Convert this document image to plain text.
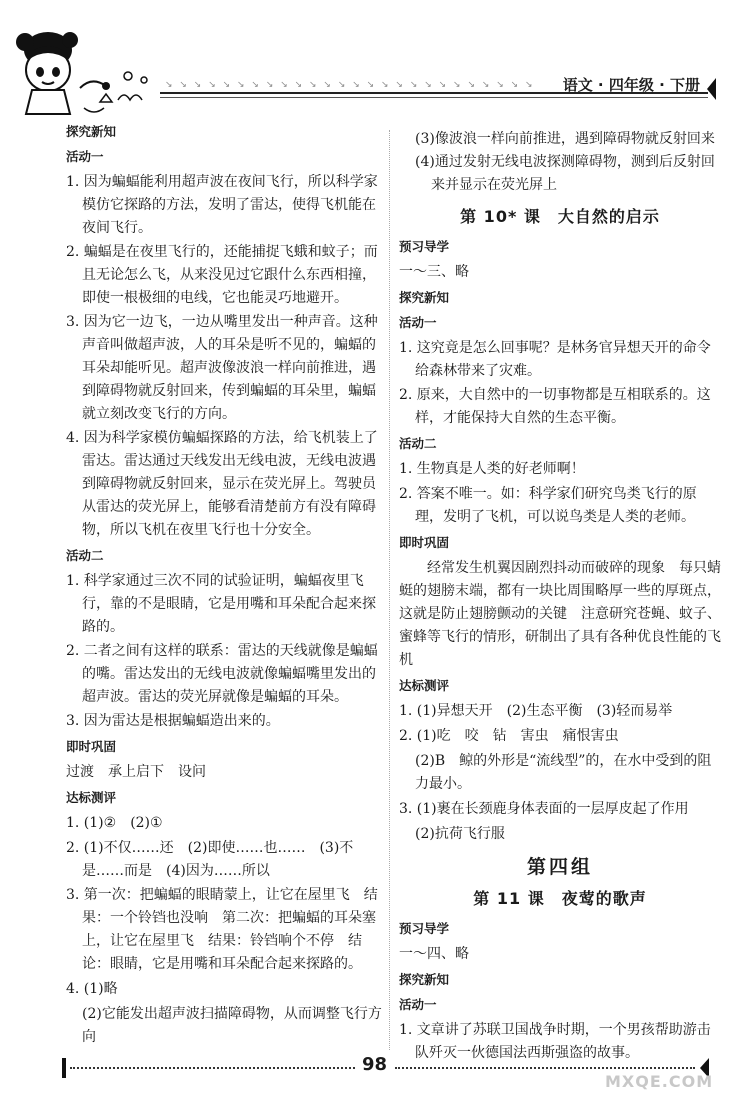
↘ ↘ ↘ ↘ ↘ ↘ ↘ ↘ ↘ ↘ ↘ ↘ ↘ ↘ ↘ ↘ ↘ ↘ ↘ ↘ ↘ ↘ ↘ ↘ ↘ ↘ 语文 · 四年级 · 下册

探究新知

活动一

1. 因为蝙蝠能利用超声波在夜间飞行，所以科学家模仿它探路的方法，发明了雷达，使得飞机能在夜间飞行。

2. 蝙蝠是在夜里飞行的，还能捕捉飞蛾和蚊子；而且无论怎么飞，从来没见过它跟什么东西相撞，即使一根极细的电线，它也能灵巧地避开。

3. 因为它一边飞，一边从嘴里发出一种声音。这种声音叫做超声波，人的耳朵是听不见的，蝙蝠的耳朵却能听见。超声波像波浪一样向前推进，遇到障碍物就反射回来，传到蝙蝠的耳朵里，蝙蝠就立刻改变飞行的方向。

4. 因为科学家模仿蝙蝠探路的方法，给飞机装上了雷达。雷达通过天线发出无线电波，无线电波遇到障碍物就反射回来，显示在荧光屏上。驾驶员从雷达的荧光屏上，能够看清楚前方有没有障碍物，所以飞机在夜里飞行也十分安全。

活动二

1. 科学家通过三次不同的试验证明，蝙蝠夜里飞行，靠的不是眼睛，它是用嘴和耳朵配合起来探路的。

2. 二者之间有这样的联系：雷达的天线就像是蝙蝠的嘴。雷达发出的无线电波就像蝙蝠嘴里发出的超声波。雷达的荧光屏就像是蝙蝠的耳朵。

3. 因为雷达是根据蝙蝠造出来的。

即时巩固

过渡　承上启下　设问

达标测评

1. (1)②　(2)①

2. (1)不仅……还　(2)即使……也……　(3)不是……而是　(4)因为……所以

3. 第一次：把蝙蝠的眼睛蒙上，让它在屋里飞　结果：一个铃铛也没响　第二次：把蝙蝠的耳朵塞上，让它在屋里飞　结果：铃铛响个不停　结论：眼睛，它是用嘴和耳朵配合起来探路的。

4. (1)略

(2)它能发出超声波扫描障碍物，从而调整飞行方向

(3)像波浪一样向前推进，遇到障碍物就反射回来

(4)通过发射无线电波探测障碍物，测到后反射回来并显示在荧光屏上

第 10* 课　大自然的启示

预习导学

一～三、略

探究新知

活动一

1. 这究竟是怎么回事呢？是林务官异想天开的命令给森林带来了灾难。

2. 原来，大自然中的一切事物都是互相联系的。这样，才能保持大自然的生态平衡。

活动二

1. 生物真是人类的好老师啊！

2. 答案不唯一。如：科学家们研究鸟类飞行的原理，发明了飞机，可以说鸟类是人类的老师。

即时巩固

经常发生机翼因剧烈抖动而破碎的现象　每只蜻蜓的翅膀末端，都有一块比周围略厚一些的厚斑点，这就是防止翅膀颤动的关键　注意研究苍蝇、蚊子、蜜蜂等飞行的情形，研制出了具有各种优良性能的飞机

达标测评

1. (1)异想天开　(2)生态平衡　(3)轻而易举

2. (1)吃　咬　钻　害虫　痛恨害虫

(2)B　鲸的外形是“流线型”的，在水中受到的阻力最小。

3. (1)裹在长颈鹿身体表面的一层厚皮起了作用

(2)抗荷飞行服

第四组

第 11 课　夜莺的歌声

预习导学

一～四、略

探究新知

活动一

1. 文章讲了苏联卫国战争时期，一个男孩帮助游击队歼灭一伙德国法西斯强盗的故事。

98
MXQE.COM
